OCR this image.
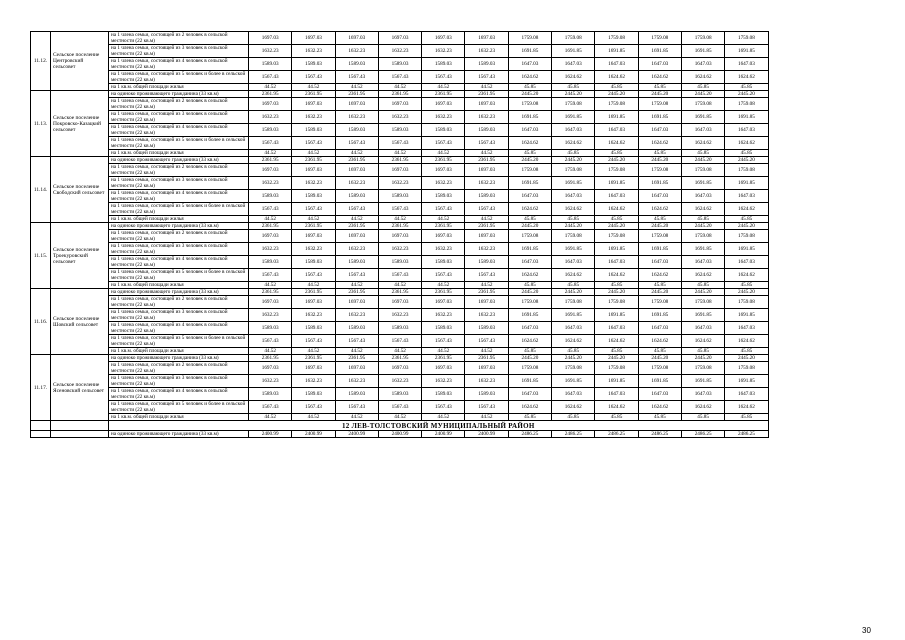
11.12.	Сельское поселение Центровский сельсовет	на 1 члена семьи, состоящей из 2 человек в сельской местности (22 кв.м)	1697.03	1697.03	1697.03	1697.03	1697.03	1697.03	1759.08	1759.08	1759.08	1759.08	1759.08	1759.08
		на 1 члена семьи, состоящей из 3 человек в сельской местности (22 кв.м)	1632.23	1632.23	1632.23	1632.23	1632.23	1632.23	1691.85	1691.85	1691.85	1691.85	1691.85	1691.85
		на 1 члена семьи, состоящей из 4 человек в сельской местности (22 кв.м)	1589.03	1589.03	1589.03	1589.03	1589.03	1589.03	1647.03	1647.03	1647.03	1647.03	1647.03	1647.03
		на 1 члена семьи, состоящей из 5 человек и более в сельской местности (22 кв.м)	1567.43	1567.43	1567.43	1567.43	1567.43	1567.43	1624.62	1624.62	1624.62	1624.62	1624.62	1624.62
		на 1 кв.м. общей площади жилья	44.52	44.52	44.52	44.52	44.52	44.52	45.85	45.85	45.85	45.85	45.85	45.85
11.13.	Сельское поселение Покровско-Казацкий сельсовет	на одиноко проживающего гражданина (33 кв.м)	2361.95	2361.95	2361.95	2361.95	2361.95	2361.95	2445.20	2445.20	2445.20	2445.20	2445.20	2445.20
		на 1 члена семьи, состоящей из 2 человек в сельской местности (22 кв.м)	1697.03	1697.03	1697.03	1697.03	1697.03	1697.03	1759.08	1759.08	1759.08	1759.08	1759.08	1759.08
		на 1 члена семьи, состоящей из 3 человек в сельской местности (22 кв.м)	1632.23	1632.23	1632.23	1632.23	1632.23	1632.23	1691.85	1691.85	1691.85	1691.85	1691.85	1691.85
		на 1 члена семьи, состоящей из 4 человек в сельской местности (22 кв.м)	1589.03	1589.03	1589.03	1589.03	1589.03	1589.03	1647.03	1647.03	1647.03	1647.03	1647.03	1647.03
		на 1 члена семьи, состоящей из 5 человек и более в сельской местности (22 кв.м)	1567.43	1567.43	1567.43	1567.43	1567.43	1567.43	1624.62	1624.62	1624.62	1624.62	1624.62	1624.62
		на 1 кв.м. общей площади жилья	44.52	44.52	44.52	44.52	44.52	44.52	45.85	45.85	45.85	45.85	45.85	45.85
11.14.	Сельское поселение Свободский сельсовет	на одиноко проживающего гражданина (33 кв.м)	2361.95	2361.95	2361.95	2361.95	2361.95	2361.95	2445.20	2445.20	2445.20	2445.20	2445.20	2445.20
		на 1 члена семьи, состоящей из 2 человек в сельской местности (22 кв.м)	1697.03	1697.03	1697.03	1697.03	1697.03	1697.03	1759.08	1759.08	1759.08	1759.08	1759.08	1759.08
		на 1 члена семьи, состоящей из 3 человек в сельской местности (22 кв.м)	1632.23	1632.23	1632.23	1632.23	1632.23	1632.23	1691.85	1691.85	1691.85	1691.85	1691.85	1691.85
		на 1 члена семьи, состоящей из 4 человек в сельской местности (22 кв.м)	1589.03	1589.03	1589.03	1589.03	1589.03	1589.03	1647.03	1647.03	1647.03	1647.03	1647.03	1647.03
		на 1 члена семьи, состоящей из 5 человек и более в сельской местности (22 кв.м)	1567.43	1567.43	1567.43	1567.43	1567.43	1567.43	1624.62	1624.62	1624.62	1624.62	1624.62	1624.62
		на 1 кв.м. общей площади жилья	44.52	44.52	44.52	44.52	44.52	44.52	45.85	45.85	45.85	45.85	45.85	45.85
11.15.	Сельское поселение Троекуровский сельсовет	на одиноко проживающего гражданина (33 кв.м)	2361.95	2361.95	2361.95	2361.95	2361.95	2361.95	2445.20	2445.20	2445.20	2445.20	2445.20	2445.20
		на 1 члена семьи, состоящей из 2 человек в сельской местности (22 кв.м)	1697.03	1697.03	1697.03	1697.03	1697.03	1697.03	1759.08	1759.08	1759.08	1759.08	1759.08	1759.08
		на 1 члена семьи, состоящей из 3 человек в сельской местности (22 кв.м)	1632.23	1632.23	1632.23	1632.23	1632.23	1632.23	1691.85	1691.85	1691.85	1691.85	1691.85	1691.85
		на 1 члена семьи, состоящей из 4 человек в сельской местности (22 кв.м)	1589.03	1589.03	1589.03	1589.03	1589.03	1589.03	1647.03	1647.03	1647.03	1647.03	1647.03	1647.03
		на 1 члена семьи, состоящей из 5 человек и более в сельской местности (22 кв.м)	1567.43	1567.43	1567.43	1567.43	1567.43	1567.43	1624.62	1624.62	1624.62	1624.62	1624.62	1624.62
		на 1 кв.м. общей площади жилья	44.52	44.52	44.52	44.52	44.52	44.52	45.85	45.85	45.85	45.85	45.85	45.85
11.16.	Сельское поселение Шовский сельсовет	на одиноко проживающего гражданина (33 кв.м)	2361.95	2361.95	2361.95	2361.95	2361.95	2361.95	2445.20	2445.20	2445.20	2445.20	2445.20	2445.20
		на 1 члена семьи, состоящей из 2 человек в сельской местности (22 кв.м)	1697.03	1697.03	1697.03	1697.03	1697.03	1697.03	1759.08	1759.08	1759.08	1759.08	1759.08	1759.08
		на 1 члена семьи, состоящей из 3 человек в сельской местности (22 кв.м)	1632.23	1632.23	1632.23	1632.23	1632.23	1632.23	1691.85	1691.85	1691.85	1691.85	1691.85	1691.85
		на 1 члена семьи, состоящей из 4 человек в сельской местности (22 кв.м)	1589.03	1589.03	1589.03	1589.03	1589.03	1589.03	1647.03	1647.03	1647.03	1647.03	1647.03	1647.03
		на 1 члена семьи, состоящей из 5 человек и более в сельской местности (22 кв.м)	1567.43	1567.43	1567.43	1567.43	1567.43	1567.43	1624.62	1624.62	1624.62	1624.62	1624.62	1624.62
		на 1 кв.м. общей площади жилья	44.52	44.52	44.52	44.52	44.52	44.52	45.85	45.85	45.85	45.85	45.85	45.85
11.17.	Сельское поселение Ясеновский сельсовет	на одиноко проживающего гражданина (33 кв.м)	2361.95	2361.95	2361.95	2361.95	2361.95	2361.95	2445.20	2445.20	2445.20	2445.20	2445.20	2445.20
		на 1 члена семьи, состоящей из 2 человек в сельской местности (22 кв.м)	1697.03	1697.03	1697.03	1697.03	1697.03	1697.03	1759.08	1759.08	1759.08	1759.08	1759.08	1759.08
		на 1 члена семьи, состоящей из 3 человек в сельской местности (22 кв.м)	1632.23	1632.23	1632.23	1632.23	1632.23	1632.23	1691.85	1691.85	1691.85	1691.85	1691.85	1691.85
		на 1 члена семьи, состоящей из 4 человек в сельской местности (22 кв.м)	1589.03	1589.03	1589.03	1589.03	1589.03	1589.03	1647.03	1647.03	1647.03	1647.03	1647.03	1647.03
		на 1 члена семьи, состоящей из 5 человек и более в сельской местности (22 кв.м)	1567.43	1567.43	1567.43	1567.43	1567.43	1567.43	1624.62	1624.62	1624.62	1624.62	1624.62	1624.62
		на 1 кв.м. общей площади жилья	44.52	44.52	44.52	44.52	44.52	44.52	45.85	45.85	45.85	45.85	45.85	45.85
		12 ЛЕВ-ТОЛСТОВСКИЙ МУНИЦИПАЛЬНЫЙ РАЙОН												
		на одиноко проживающего гражданина (33 кв.м)	2400.99	2400.99	2400.99	2400.99	2400.99	2400.99	2486.25	2486.25	2486.25	2486.25	2486.25	2486.25
30
